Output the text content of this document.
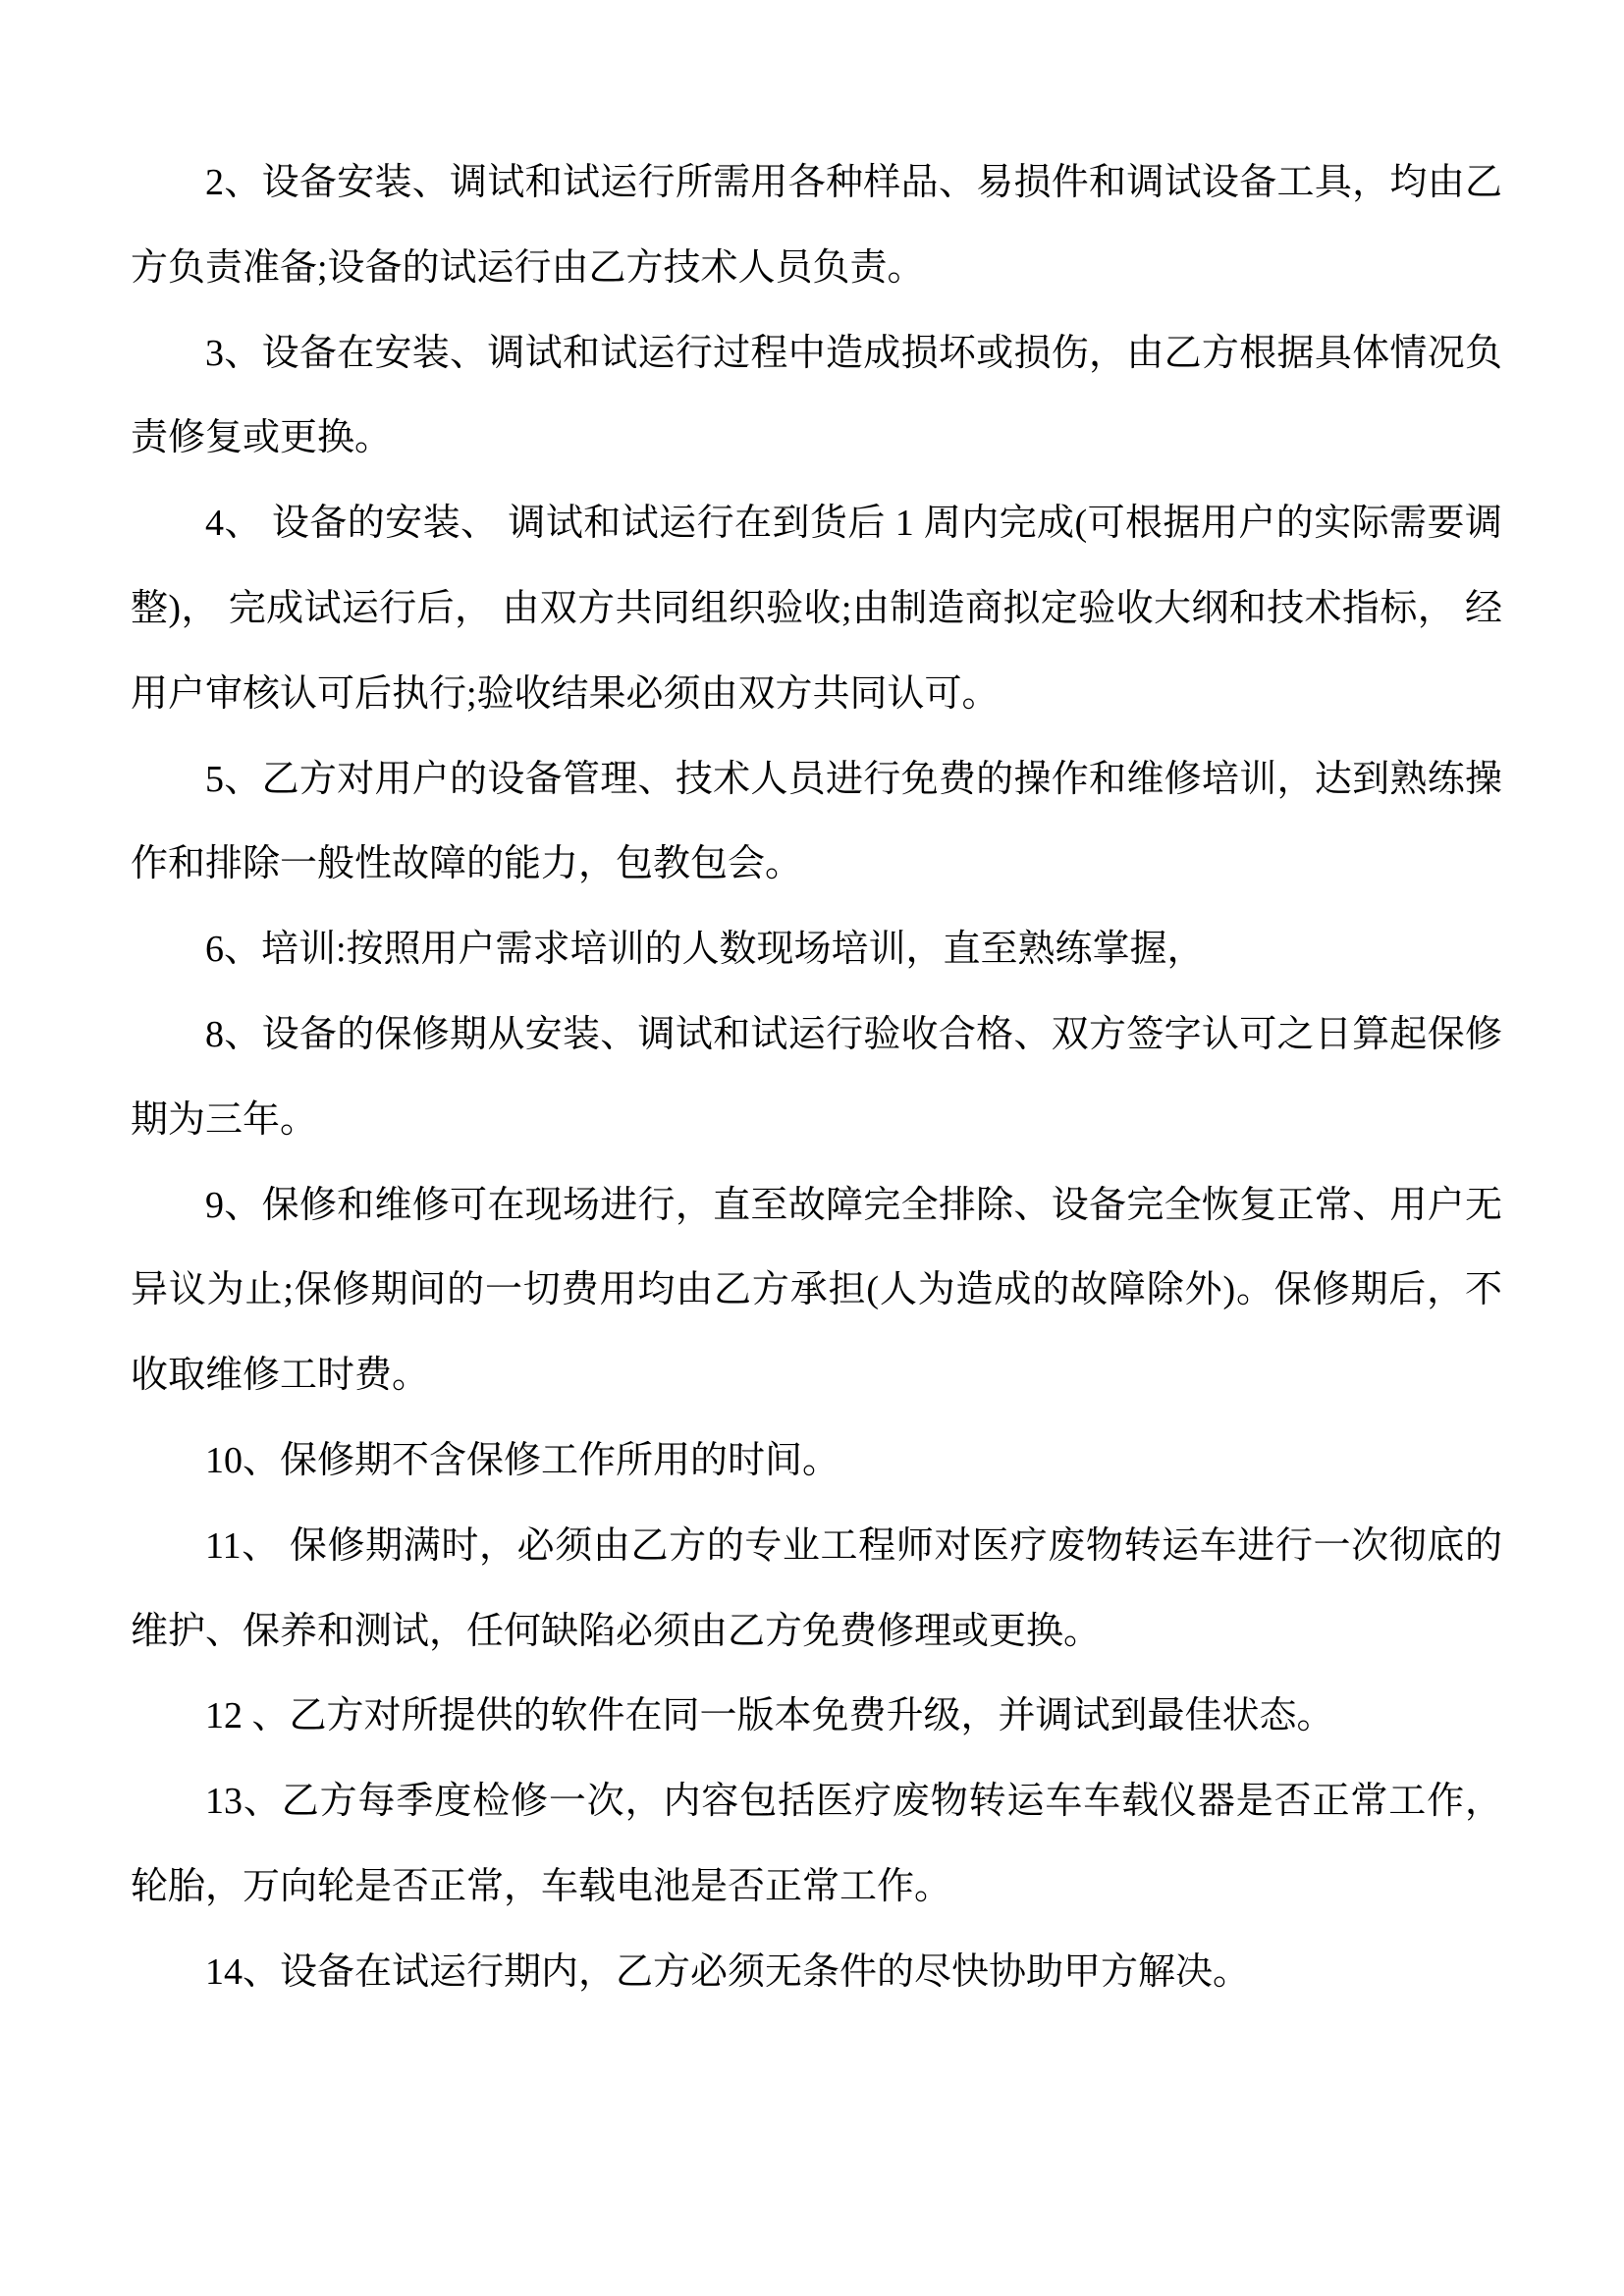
2、设备安装、调试和试运行所需用各种样品、易损件和调试设备工具，均由乙
方负责准备;设备的试运行由乙方技术人员负责。
3、设备在安装、调试和试运行过程中造成损坏或损伤，由乙方根据具体情况负
责修复或更换。
4、 设备的安装、 调试和试运行在到货后 1 周内完成(可根据用户的实际需要调
整)， 完成试运行后， 由双方共同组织验收;由制造商拟定验收大纲和技术指标， 经
用户审核认可后执行;验收结果必须由双方共同认可。
5、乙方对用户的设备管理、技术人员进行免费的操作和维修培训，达到熟练操
作和排除一般性故障的能力，包教包会。
6、培训:按照用户需求培训的人数现场培训，直至熟练掌握，
8、设备的保修期从安装、调试和试运行验收合格、双方签字认可之日算起保修
期为三年。
9、保修和维修可在现场进行，直至故障完全排除、设备完全恢复正常、用户无
异议为止;保修期间的一切费用均由乙方承担(人为造成的故障除外)。保修期后，不
收取维修工时费。
10、保修期不含保修工作所用的时间。
11、 保修期满时，必须由乙方的专业工程师对医疗废物转运车进行一次彻底的
维护、保养和测试，任何缺陷必须由乙方免费修理或更换。
12 、乙方对所提供的软件在同一版本免费升级，并调试到最佳状态。
13、乙方每季度检修一次，内容包括医疗废物转运车车载仪器是否正常工作，
轮胎，万向轮是否正常，车载电池是否正常工作。
14、设备在试运行期内，乙方必须无条件的尽快协助甲方解决。
